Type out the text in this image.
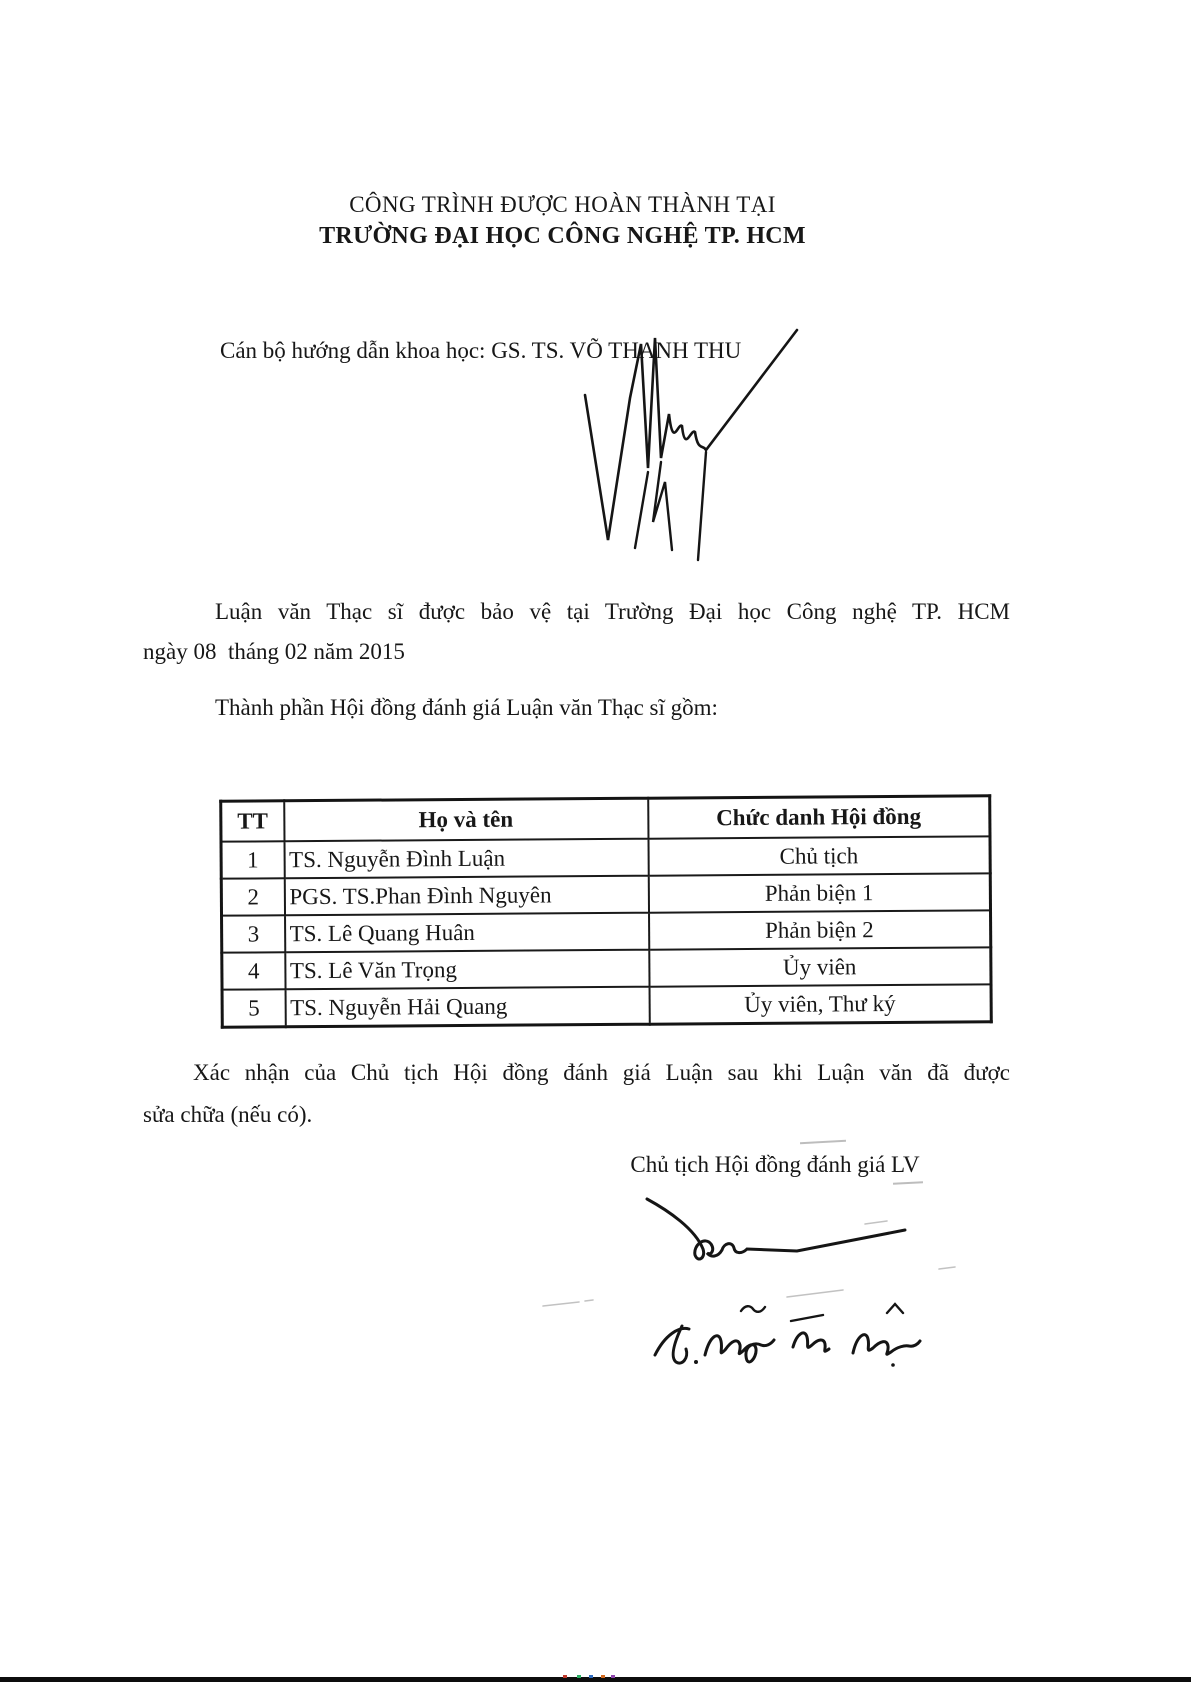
CÔNG TRÌNH ĐƯỢC HOÀN THÀNH TẠI
TRƯỜNG ĐẠI HỌC CÔNG NGHỆ TP. HCM
Cán bộ hướng dẫn khoa học: GS. TS. VÕ THANH THU
Luận văn Thạc sĩ được bảo vệ tại Trường Đại học Công nghệ TP. HCM
ngày 08  tháng 02 năm 2015
Thành phần Hội đồng đánh giá Luận văn Thạc sĩ gồm:
TT	Họ và tên	Chức danh Hội đồng
1	TS. Nguyễn Đình Luận	Chủ tịch
2	PGS. TS.Phan Đình Nguyên	Phản biện 1
3	TS. Lê Quang Huân	Phản biện 2
4	TS. Lê Văn Trọng	Ủy viên
5	TS. Nguyễn Hải Quang	Ủy viên, Thư ký
Xác nhận của Chủ tịch Hội đồng đánh giá Luận sau khi Luận văn đã được
sửa chữa (nếu có).
Chủ tịch Hội đồng đánh giá LV
